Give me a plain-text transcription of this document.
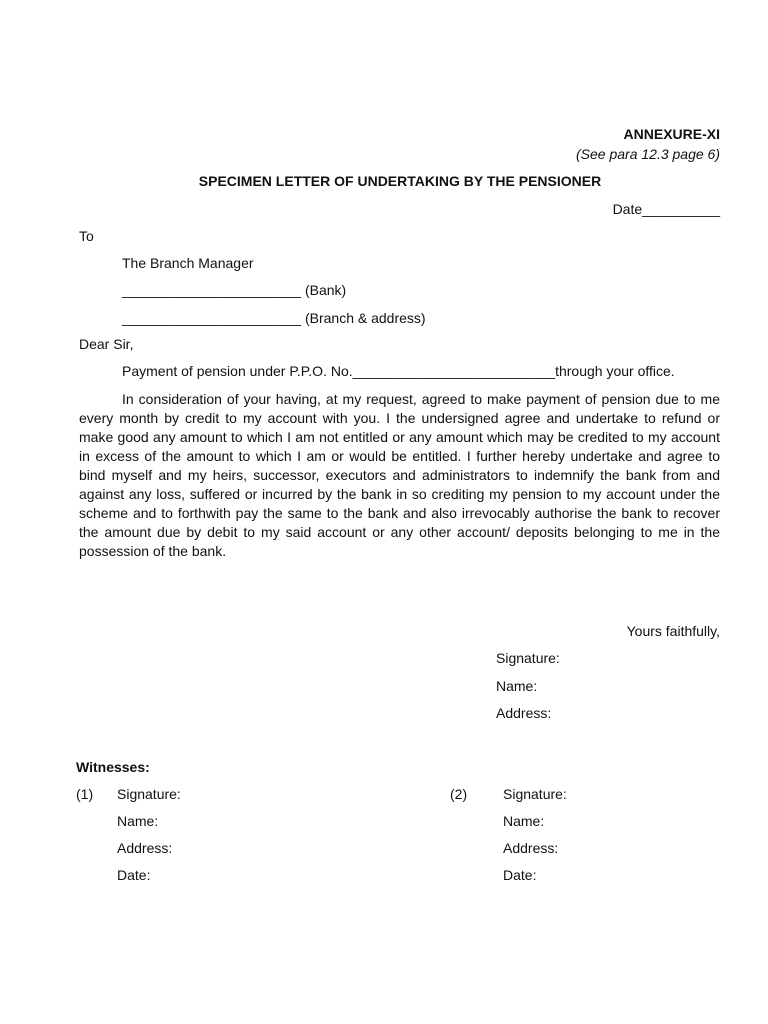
ANNEXURE-XI
(See para 12.3 page 6)
SPECIMEN LETTER OF UNDERTAKING BY THE PENSIONER
Date__________
To
The Branch Manager
_______________________ (Bank)
_______________________ (Branch & address)
Dear Sir,
Payment of pension under P.P.O. No.__________________________through your office.
In consideration of your having, at my request, agreed to make payment of pension due to me every month by credit to my account with you. I the undersigned agree and undertake to refund or make good any amount to which I am not entitled or any amount which may be credited to my account in excess of the amount to which I am or would be entitled. I further hereby undertake and agree to bind myself and my heirs, successor, executors and administrators to indemnify the bank from and against any loss, suffered or incurred by the bank in so crediting my pension to my account under the scheme and to forthwith pay the same to the bank and also irrevocably authorise the bank to recover the amount due by debit to my said account or any other account/ deposits belonging to me in the possession of the bank.
Yours faithfully,
Signature:
Name:
Address:
Witnesses:
(1) Signature:
Name:
Address:
Date:
(2)	Signature:
Name:
Address:
Date:
